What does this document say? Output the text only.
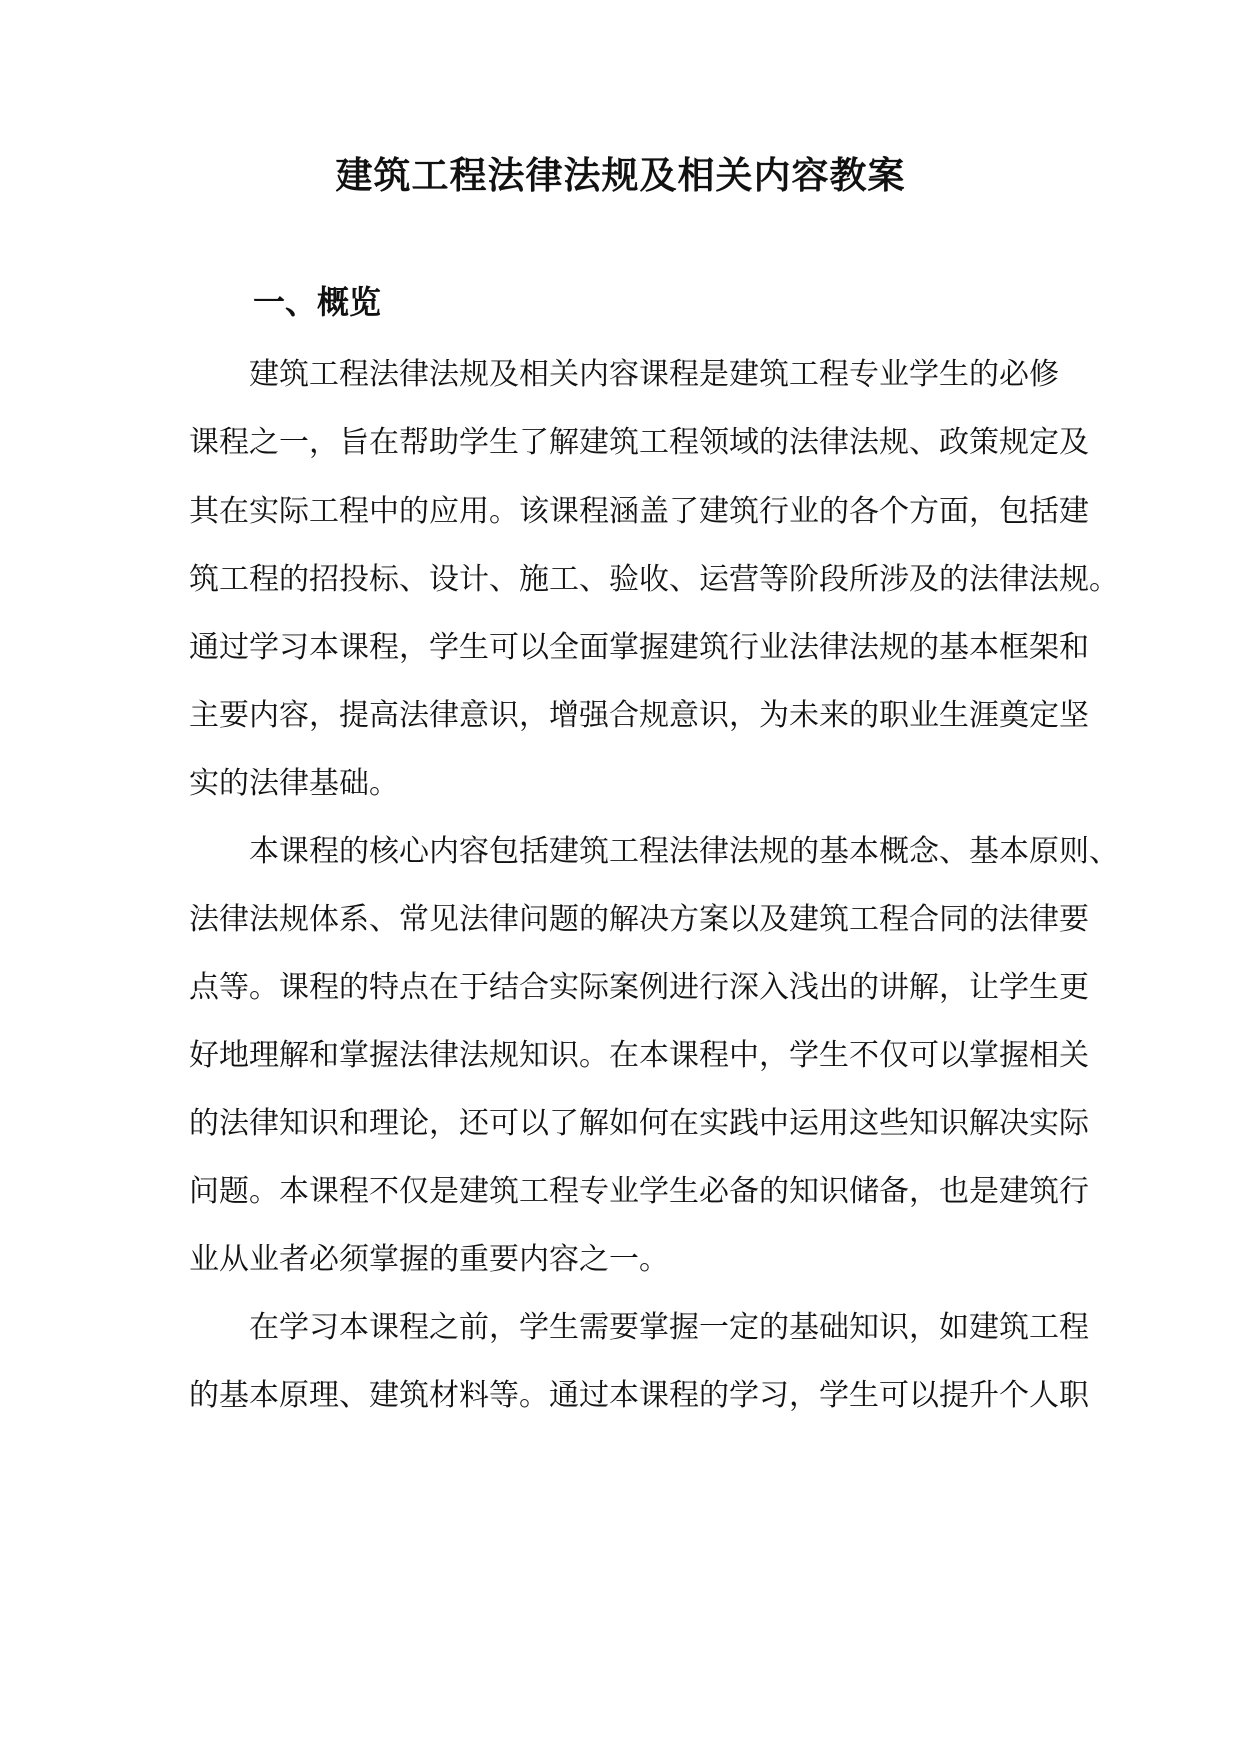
建筑工程法律法规及相关内容教案
一、概览
建筑工程法律法规及相关内容课程是建筑工程专业学生的必修
课程之一，旨在帮助学生了解建筑工程领域的法律法规、政策规定及
其在实际工程中的应用。该课程涵盖了建筑行业的各个方面，包括建
筑工程的招投标、设计、施工、验收、运营等阶段所涉及的法律法规。
通过学习本课程，学生可以全面掌握建筑行业法律法规的基本框架和
主要内容，提高法律意识，增强合规意识，为未来的职业生涯奠定坚
实的法律基础。
本课程的核心内容包括建筑工程法律法规的基本概念、基本原则、
法律法规体系、常见法律问题的解决方案以及建筑工程合同的法律要
点等。课程的特点在于结合实际案例进行深入浅出的讲解，让学生更
好地理解和掌握法律法规知识。在本课程中，学生不仅可以掌握相关
的法律知识和理论，还可以了解如何在实践中运用这些知识解决实际
问题。本课程不仅是建筑工程专业学生必备的知识储备，也是建筑行
业从业者必须掌握的重要内容之一。
在学习本课程之前，学生需要掌握一定的基础知识，如建筑工程
的基本原理、建筑材料等。通过本课程的学习，学生可以提升个人职
